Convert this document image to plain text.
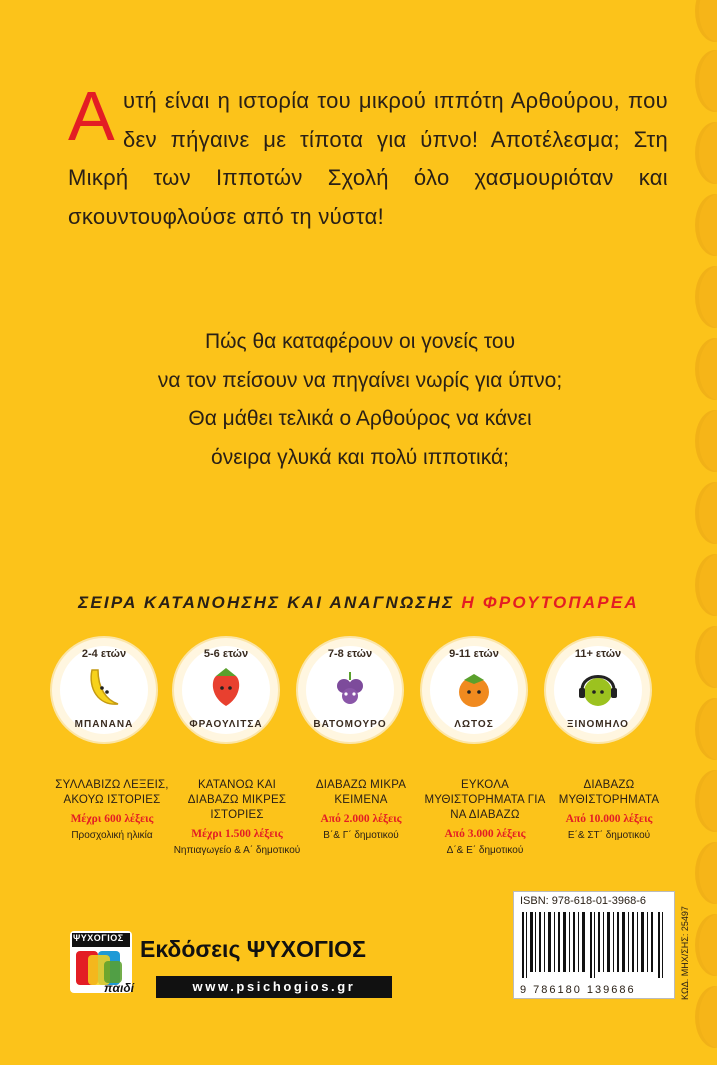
Αυτή είναι η ιστορία του μικρού ιππότη Αρθούρου, που δεν πήγαινε με τίποτα για ύπνο! Αποτέλεσμα; Στη Μικρή των Ιπποτών Σχολή όλο χασμουριόταν και σκουντουφλούσε από τη νύστα!
Πώς θα καταφέρουν οι γονείς του
να τον πείσουν να πηγαίνει νωρίς για ύπνο;
Θα μάθει τελικά ο Αρθούρος να κάνει
όνειρα γλυκά και πολύ ιπποτικά;
ΣΕΙΡΑ ΚΑΤΑΝΟΗΣΗΣ ΚΑΙ ΑΝΑΓΝΩΣΗΣ Η ΦΡΟΥΤΟΠΑΡΕΑ
2-4 ετών
ΜΠΑΝΑΝΑ
5-6 ετών
ΦΡΑΟΥΛΙΤΣΑ
7-8 ετών
ΒΑΤΟΜΟΥΡΟ
9-11 ετών
ΛΩΤΟΣ
11+ ετών
ΞΙΝΟΜΗΛΟ
ΣΥΛΛΑΒΙΖΩ ΛΕΞΕΙΣ, ΑΚΟΥΩ ΙΣΤΟΡΙΕΣ
Μέχρι 600 λέξεις
Προσχολική ηλικία
ΚΑΤΑΝΟΩ ΚΑΙ ΔΙΑΒΑΖΩ ΜΙΚΡΕΣ ΙΣΤΟΡΙΕΣ
Μέχρι 1.500 λέξεις
Νηπιαγωγείο & Α΄ δημοτικού
ΔΙΑΒΑΖΩ ΜΙΚΡΑ ΚΕΙΜΕΝΑ
Από 2.000 λέξεις
Β΄& Γ΄ δημοτικού
ΕΥΚΟΛΑ ΜΥΘΙΣΤΟΡΗΜΑΤΑ ΓΙΑ ΝΑ ΔΙΑΒΑΖΩ
Από 3.000 λέξεις
Δ΄& Ε΄ δημοτικού
ΔΙΑΒΑΖΩ ΜΥΘΙΣΤΟΡΗΜΑΤΑ
Από 10.000 λέξεις
Ε΄& ΣΤ΄ δημοτικού
ISBN: 978-618-01-3968-6
9 786180 139686	ΚΩΔ. ΜΗΧ/ΣΗΣ: 25497
ΨΥΧΟΓΙΟΣ
παιδί
Εκδόσεις ΨΥΧΟΓΙΟΣ
www.psichogios.gr
